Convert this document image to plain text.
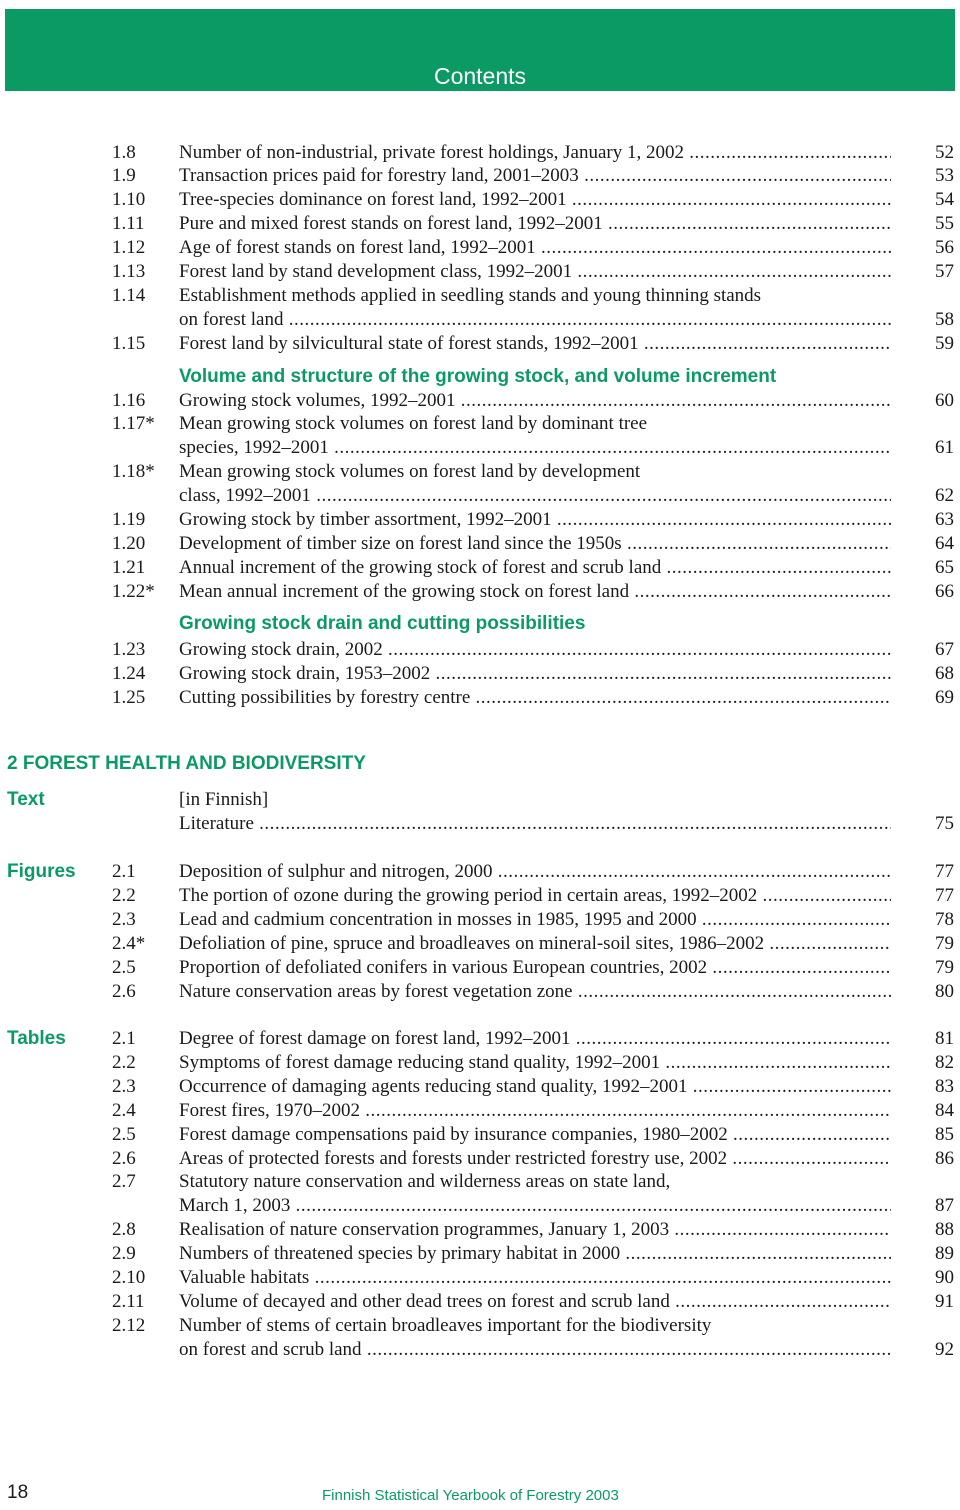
Contents
1.8 Number of non-industrial, private forest holdings, January 1, 2002 .....	52
1.9 Transaction prices paid for forestry land, 2001–2003 .....	53
1.10 Tree-species dominance on forest land, 1992–2001 .....	54
1.11 Pure and mixed forest stands on forest land, 1992–2001 .....	55
1.12 Age of forest stands on forest land, 1992–2001 .....	56
1.13 Forest land by stand development class, 1992–2001 .....	57
1.14 Establishment methods applied in seedling stands and young thinning stands
on forest land .....	58
1.15 Forest land by silvicultural state of forest stands, 1992–2001 .....	59
Volume and structure of the growing stock, and volume increment
1.16 Growing stock volumes, 1992–2001 .....	60
1.17* Mean growing stock volumes on forest land by dominant tree
species, 1992–2001 .....	61
1.18* Mean growing stock volumes on forest land by development
class, 1992–2001 .....	62
1.19 Growing stock by timber assortment, 1992–2001 .....	63
1.20 Development of timber size on forest land since the 1950s .....	64
1.21 Annual increment of the growing stock of forest and scrub land .....	65
1.22* Mean annual increment of the growing stock on forest land .....	66
Growing stock drain and cutting possibilities
1.23 Growing stock drain, 2002 .....	67
1.24 Growing stock drain, 1953–2002 .....	68
1.25 Cutting possibilities by forestry centre .....	69
2 FOREST HEALTH AND BIODIVERSITY
Text	[in Finnish]
Literature .....	75
Figures 2.1 Deposition of sulphur and nitrogen, 2000 .....	77
2.2 The portion of ozone during the growing period in certain areas, 1992–2002 .....	77
2.3 Lead and cadmium concentration in mosses in 1985, 1995 and 2000 .....	78
2.4* Defoliation of pine, spruce and broadleaves on mineral-soil sites, 1986–2002 .....	79
2.5 Proportion of defoliated conifers in various European countries, 2002 .....	79
2.6 Nature conservation areas by forest vegetation zone .....	80
Tables 2.1 Degree of forest damage on forest land, 1992–2001 .....	81
2.2 Symptoms of forest damage reducing stand quality, 1992–2001 .....	82
2.3 Occurrence of damaging agents reducing stand quality, 1992–2001 .....	83
2.4 Forest fires, 1970–2002 .....	84
2.5 Forest damage compensations paid by insurance companies, 1980–2002 .....	85
2.6 Areas of protected forests and forests under restricted forestry use, 2002 .....	86
2.7 Statutory nature conservation and wilderness areas on state land,
March 1, 2003 .....	87
2.8 Realisation of nature conservation programmes, January 1, 2003 .....	88
2.9 Numbers of threatened species by primary habitat in 2000 .....	89
2.10 Valuable habitats .....	90
2.11 Volume of decayed and other dead trees on forest and scrub land .....	91
2.12 Number of stems of certain broadleaves important for the biodiversity
on forest and scrub land .....	92
18	Finnish Statistical Yearbook of Forestry 2003
